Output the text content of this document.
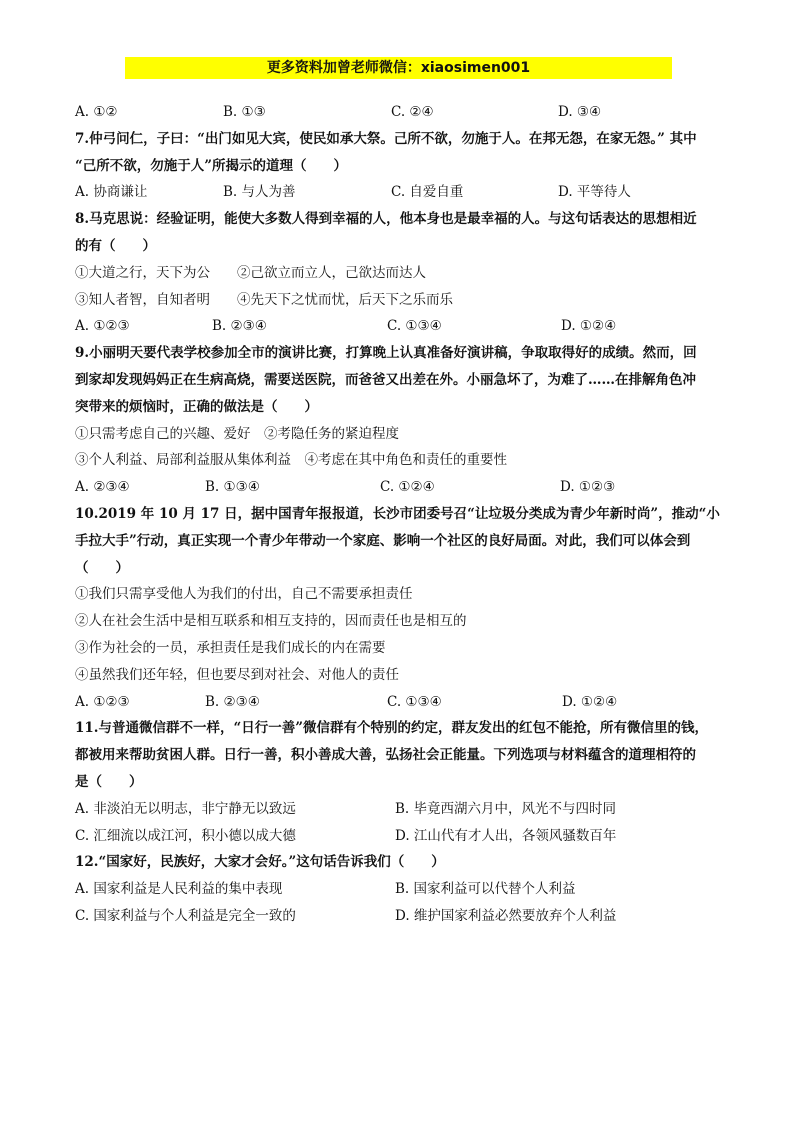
更多资料加曾老师微信：xiaosimen001
A. ①②	B. ①③	C. ②④	D. ③④
7.仲弓问仁，子曰：“出门如见大宾，使民如承大祭。己所不欲，勿施于人。在邦无怨，在家无怨。” 其中
“己所不欲，勿施于人”所揭示的道理（　　）
A. 协商谦让	B. 与人为善	C. 自爱自重	D. 平等待人
8.马克思说：经验证明，能使大多数人得到幸福的人，他本身也是最幸福的人。与这句话表达的思想相近
的有（　　）
①大道之行，天下为公　　②己欲立而立人，己欲达而达人
③知人者智，自知者明　　④先天下之忧而忧，后天下之乐而乐
A. ①②③	B. ②③④	C. ①③④	D. ①②④
9.小丽明天要代表学校参加全市的演讲比赛，打算晚上认真准备好演讲稿，争取取得好的成绩。然而，回
到家却发现妈妈正在生病高烧，需要送医院，而爸爸又出差在外。小丽急坏了，为难了……在排解角色冲
突带来的烦恼时，正确的做法是（　　）
①只需考虑自己的兴趣、爱好　②考隐任务的紧迫程度
③个人利益、局部利益服从集体利益　④考虑在其中角色和责任的重要性
A. ②③④	B. ①③④	C. ①②④	D. ①②③
10.2019 年 10 月 17 日，据中国青年报报道，长沙市团委号召“让垃圾分类成为青少年新时尚”，推动“小
手拉大手”行动，真正实现一个青少年带动一个家庭、影响一个社区的良好局面。对此，我们可以体会到
（　　）
①我们只需享受他人为我们的付出，自己不需要承担责任
②人在社会生活中是相互联系和相互支持的，因而责任也是相互的
③作为社会的一员，承担责任是我们成长的内在需要
④虽然我们还年轻，但也要尽到对社会、对他人的责任
A. ①②③	B. ②③④	C. ①③④	D. ①②④
11.与普通微信群不一样，“日行一善”微信群有个特别的约定，群友发出的红包不能抢，所有微信里的钱，
都被用来帮助贫困人群。日行一善，积小善成大善，弘扬社会正能量。下列选项与材料蕴含的道理相符的
是（　　）
A. 非淡泊无以明志，非宁静无以致远	B. 毕竟西湖六月中，风光不与四时同
C. 汇细流以成江河，积小德以成大德	D. 江山代有才人出，各领风骚数百年
12.“国家好，民族好，大家才会好。”这句话告诉我们（　　）
A. 国家利益是人民利益的集中表现	B. 国家利益可以代替个人利益
C. 国家利益与个人利益是完全一致的	D. 维护国家利益必然要放弃个人利益
